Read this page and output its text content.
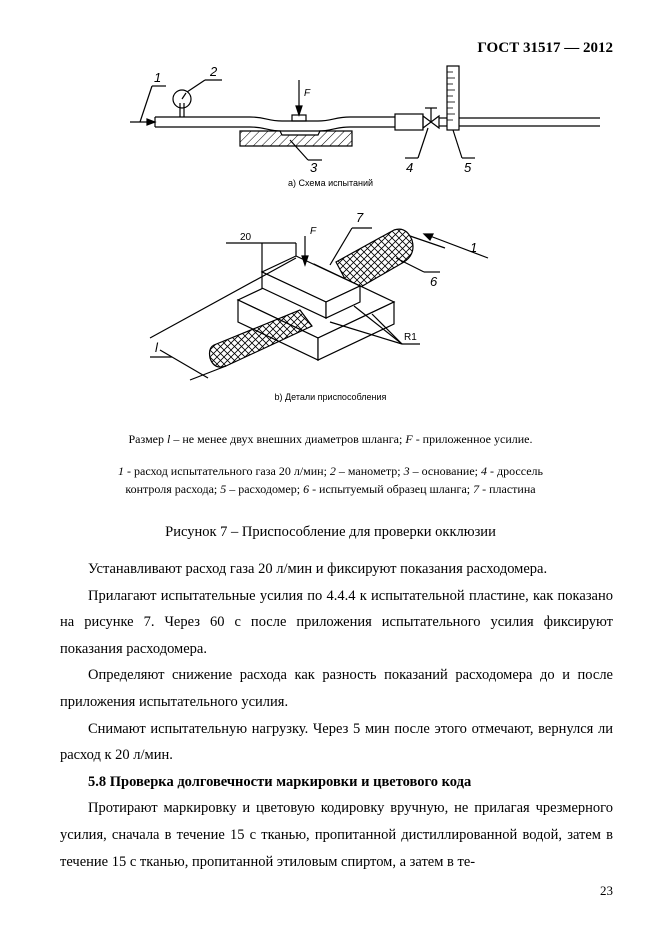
ГОСТ 31517 — 2012
1	2
F
3	4	5
7
1
6
F
20
l
R1
а) Схема испытаний
b) Детали приспособления
Размер l – не менее двух внешних диаметров шланга; F - приложенное усилие.
1 - расход испытательного газа 20 л/мин; 2 – манометр; 3 – основание; 4 - дроссель
контроля расхода; 5 – расходомер; 6 - испытуемый образец шланга; 7 - пластина
Рисунок 7 – Приспособление для проверки окклюзии

Устанавливают расход газа 20 л/мин и фиксируют показания расходомера.

Прилагают испытательные усилия по 4.4.4 к испытательной пластине, как показано на рисунке 7. Через 60 с после приложения испытательного усилия фиксируют показания расходомера.

Определяют снижение расхода как разность показаний расходомера до и после приложения испытательного усилия.

Снимают испытательную нагрузку. Через 5 мин после этого отмечают, вернулся ли расход к 20 л/мин.

5.8 Проверка долговечности маркировки и цветового кода

Протирают маркировку и цветовую кодировку вручную, не прилагая чрезмерного усилия, сначала в течение 15 с тканью, пропитанной дистиллированной водой, затем в течение 15 с тканью, пропитанной этиловым спиртом, а затем в те-

23
